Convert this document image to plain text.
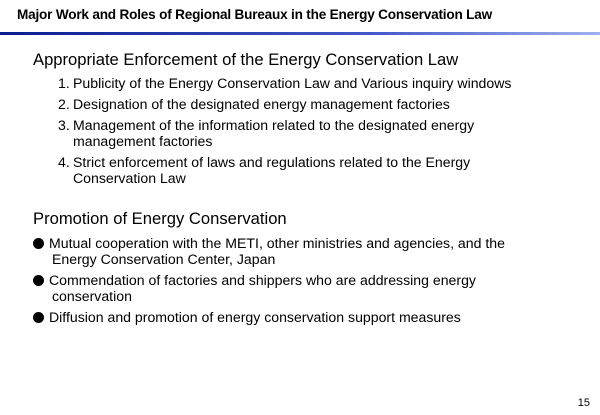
Major Work and Roles of Regional Bureaux in the Energy Conservation Law
Appropriate Enforcement of the Energy Conservation Law
1. Publicity of the Energy Conservation Law and Various inquiry windows
2. Designation of the designated energy management factories
3. Management of the information related to the designated energy
management factories
4. Strict enforcement of laws and regulations related to the Energy
Conservation Law
Promotion of Energy Conservation
Mutual cooperation with the METI, other ministries and agencies, and the
Energy Conservation Center, Japan
Commendation of factories and shippers who are addressing energy
conservation
Diffusion and promotion of energy conservation support measures
15
